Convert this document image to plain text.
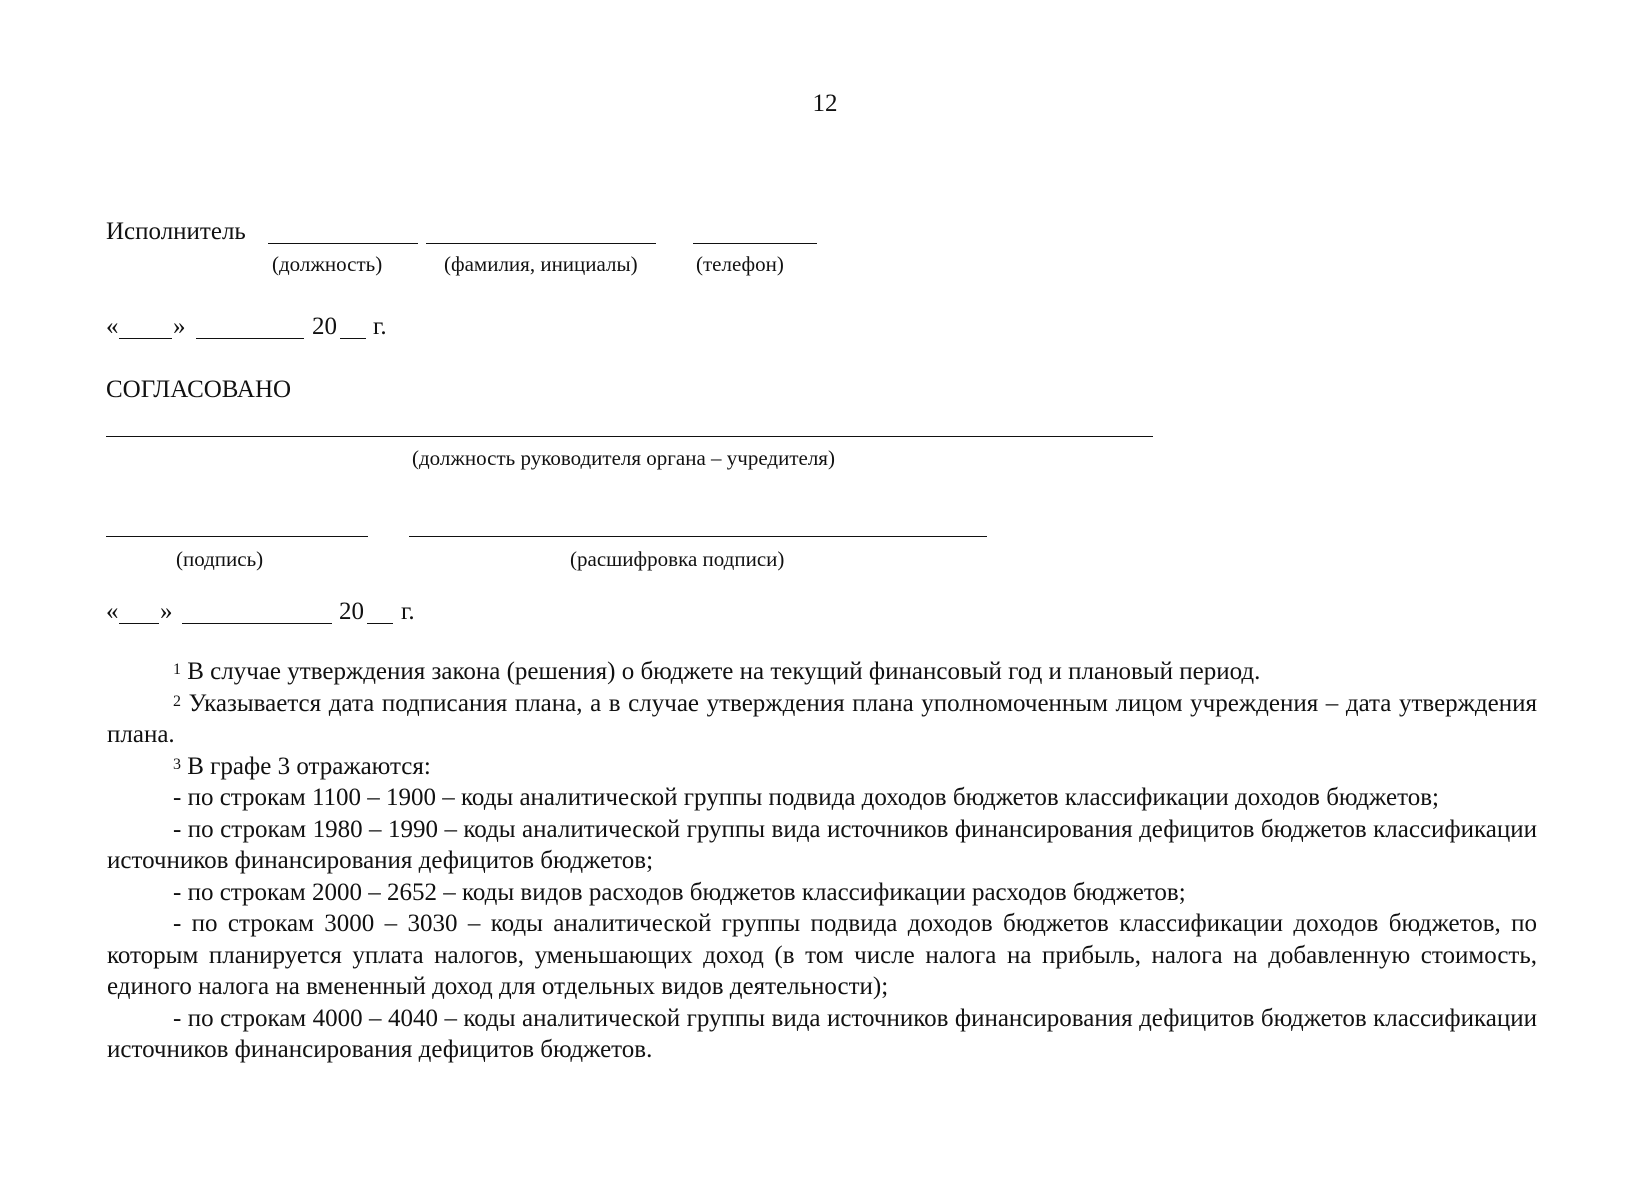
12
Исполнитель
(должность)	(фамилия, инициалы)	(телефон)
« »	20 г.
СОГЛАСОВАНО
(должность руководителя органа – учредителя)
(подпись)	(расшифровка подписи)
« »	20 г.

$^1$ В случае утверждения закона (решения) о бюджете на текущий финансовый год и плановый период.

$^2$ Указывается дата подписания плана, а в случае утверждения плана уполномоченным лицом учреждения – дата утверждения плана.

$^3$ В графе 3 отражаются:

- по строкам 1100 – 1900 – коды аналитической группы подвида доходов бюджетов классификации доходов бюджетов;

- по строкам 1980 – 1990 – коды аналитической группы вида источников финансирования дефицитов бюджетов классификации источников финансирования дефицитов бюджетов;

- по строкам 2000 – 2652 – коды видов расходов бюджетов классификации расходов бюджетов;

- по строкам 3000 – 3030 – коды аналитической группы подвида доходов бюджетов классификации доходов бюджетов, по которым планируется уплата налогов, уменьшающих доход (в том числе налога на прибыль, налога на добавленную стоимость, единого налога на вмененный доход для отдельных видов деятельности);

- по строкам 4000 – 4040 – коды аналитической группы вида источников финансирования дефицитов бюджетов классификации источников финансирования дефицитов бюджетов.
